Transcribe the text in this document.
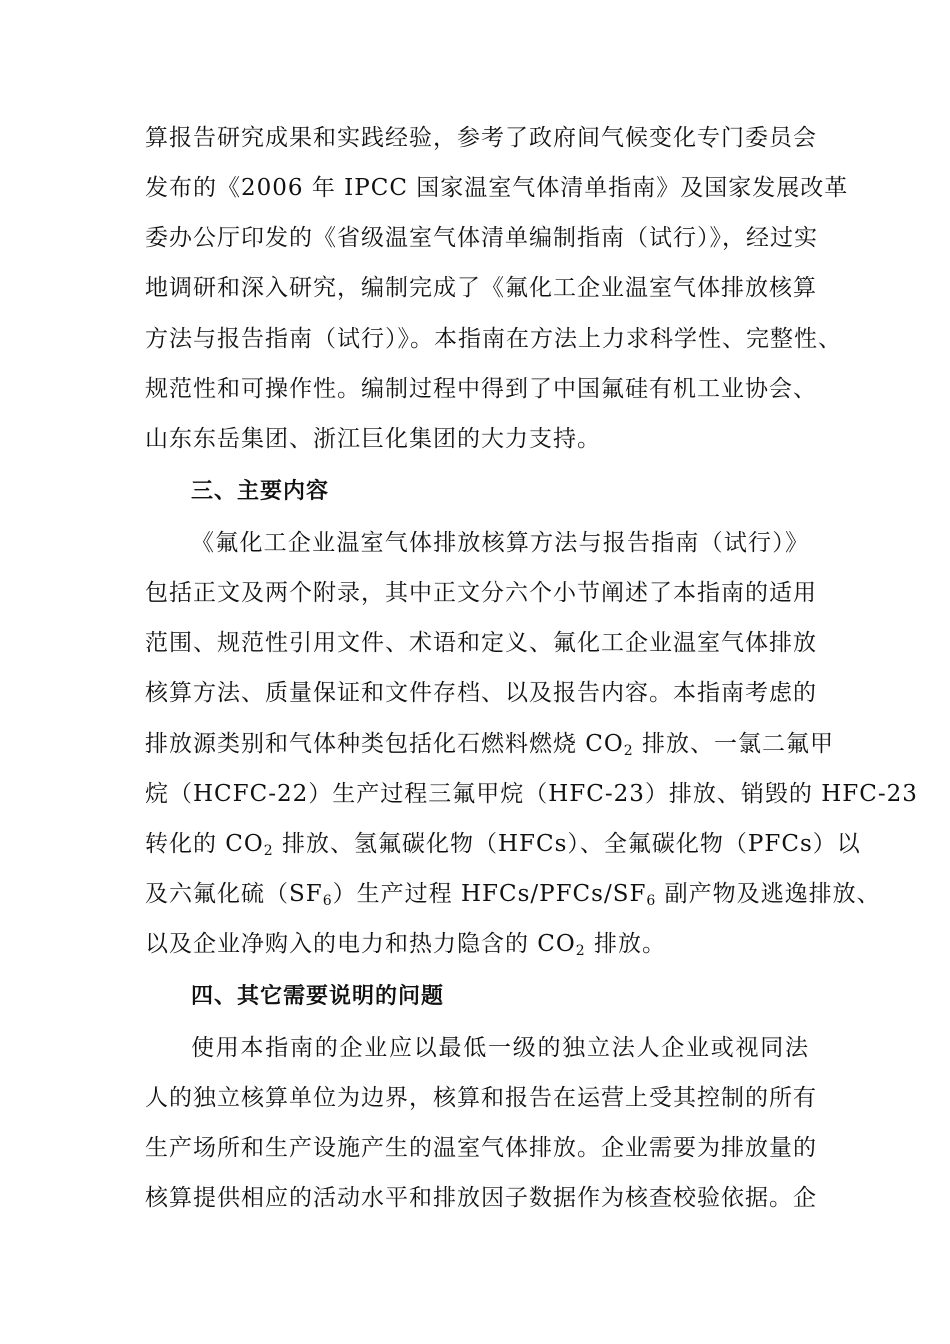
算报告研究成果和实践经验，参考了政府间气候变化专门委员会
发布的《2006 年 IPCC 国家温室气体清单指南》及国家发展改革
委办公厅印发的《省级温室气体清单编制指南（试行）》，经过实
地调研和深入研究，编制完成了《氟化工企业温室气体排放核算
方法与报告指南（试行）》。本指南在方法上力求科学性、完整性、
规范性和可操作性。编制过程中得到了中国氟硅有机工业协会、
山东东岳集团、浙江巨化集团的大力支持。
三、主要内容
《氟化工企业温室气体排放核算方法与报告指南（试行）》
包括正文及两个附录，其中正文分六个小节阐述了本指南的适用
范围、规范性引用文件、术语和定义、氟化工企业温室气体排放
核算方法、质量保证和文件存档、以及报告内容。本指南考虑的
排放源类别和气体种类包括化石燃料燃烧 $CO_2$ 排放、一氯二氟甲
烷（HCFC-22）生产过程三氟甲烷（HFC-23）排放、销毁的 HFC-23
转化的 $CO_2$ 排放、氢氟碳化物（HFCs）、全氟碳化物（PFCs）以
及六氟化硫$(SF_6)$生产过程 HFCs/$PFCs/SF_6$ 副产物及逃逸排放、
以及企业净购入的电力和热力隐含的 $CO_2$ 排放。
四、其它需要说明的问题
使用本指南的企业应以最低一级的独立法人企业或视同法
人的独立核算单位为边界，核算和报告在运营上受其控制的所有
生产场所和生产设施产生的温室气体排放。企业需要为排放量的
核算提供相应的活动水平和排放因子数据作为核查校验依据。企
